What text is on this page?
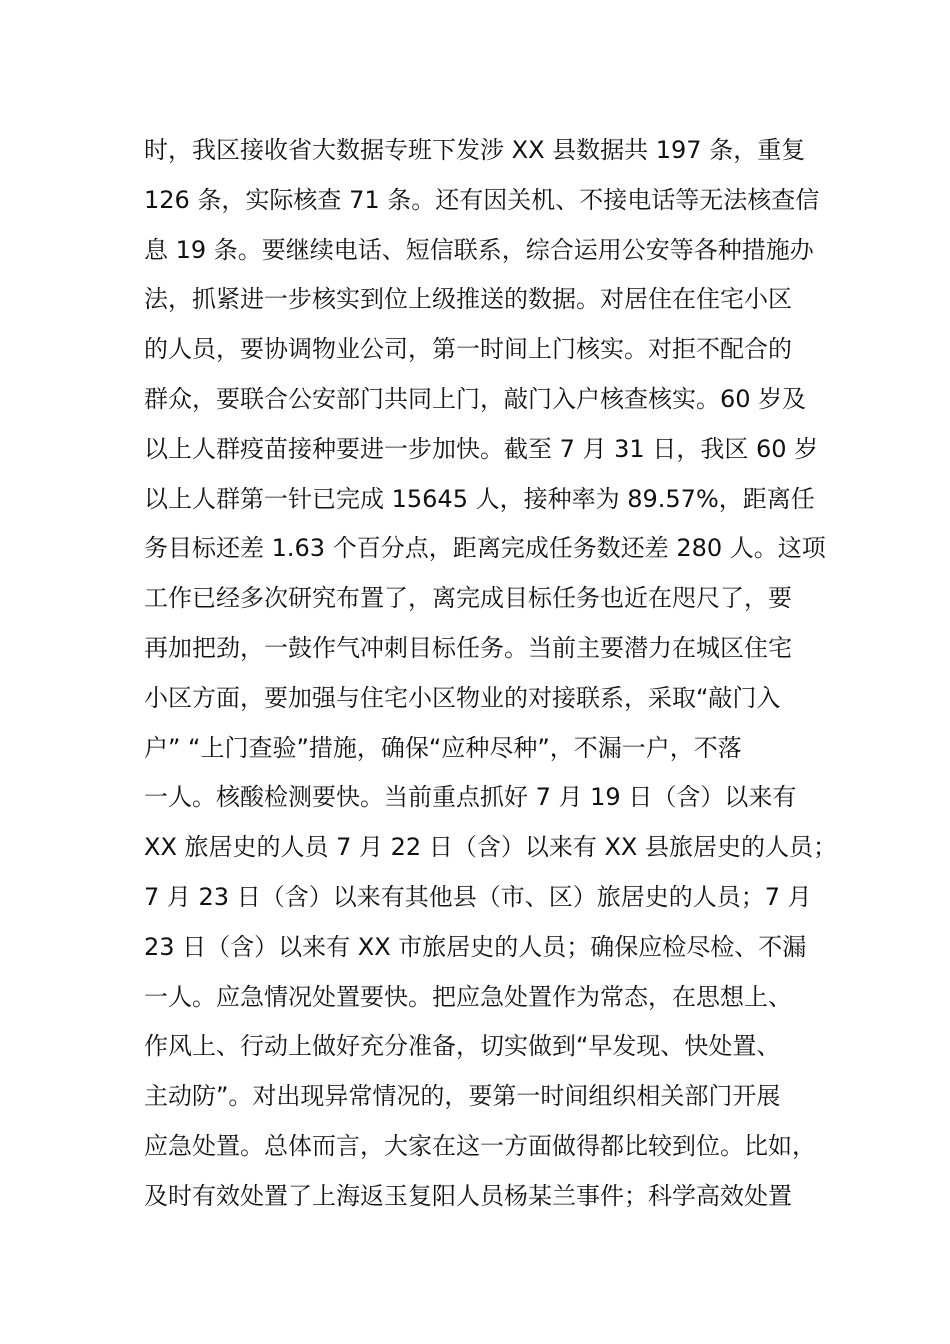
时，我区接收省大数据专班下发涉 XX 县数据共 197 条，重复
126 条，实际核查 71 条。还有因关机、不接电话等无法核查信
息 19 条。要继续电话、短信联系，综合运用公安等各种措施办
法，抓紧进一步核实到位上级推送的数据。对居住在住宅小区
的人员，要协调物业公司，第一时间上门核实。对拒不配合的
群众，要联合公安部门共同上门，敲门入户核查核实。60 岁及
以上人群疫苗接种要进一步加快。截至 7 月 31 日，我区 60 岁
以上人群第一针已完成 15645 人，接种率为 89.57%，距离任
务目标还差 1.63 个百分点，距离完成任务数还差 280 人。这项
工作已经多次研究布置了，离完成目标任务也近在咫尺了，要
再加把劲，一鼓作气冲刺目标任务。当前主要潜力在城区住宅
小区方面，要加强与住宅小区物业的对接联系，采取“敲门入
户” “上门查验”措施，确保“应种尽种”，不漏一户，不落
一人。核酸检测要快。当前重点抓好 7 月 19 日（含）以来有
XX 旅居史的人员 7 月 22 日（含）以来有 XX 县旅居史的人员；
7 月 23 日（含）以来有其他县（市、区）旅居史的人员；7 月
23 日（含）以来有 XX 市旅居史的人员；确保应检尽检、不漏
一人。应急情况处置要快。把应急处置作为常态，在思想上、
作风上、行动上做好充分准备，切实做到“早发现、快处置、
主动防”。对出现异常情况的，要第一时间组织相关部门开展
应急处置。总体而言，大家在这一方面做得都比较到位。比如，
及时有效处置了上海返玉复阳人员杨某兰事件；科学高效处置
